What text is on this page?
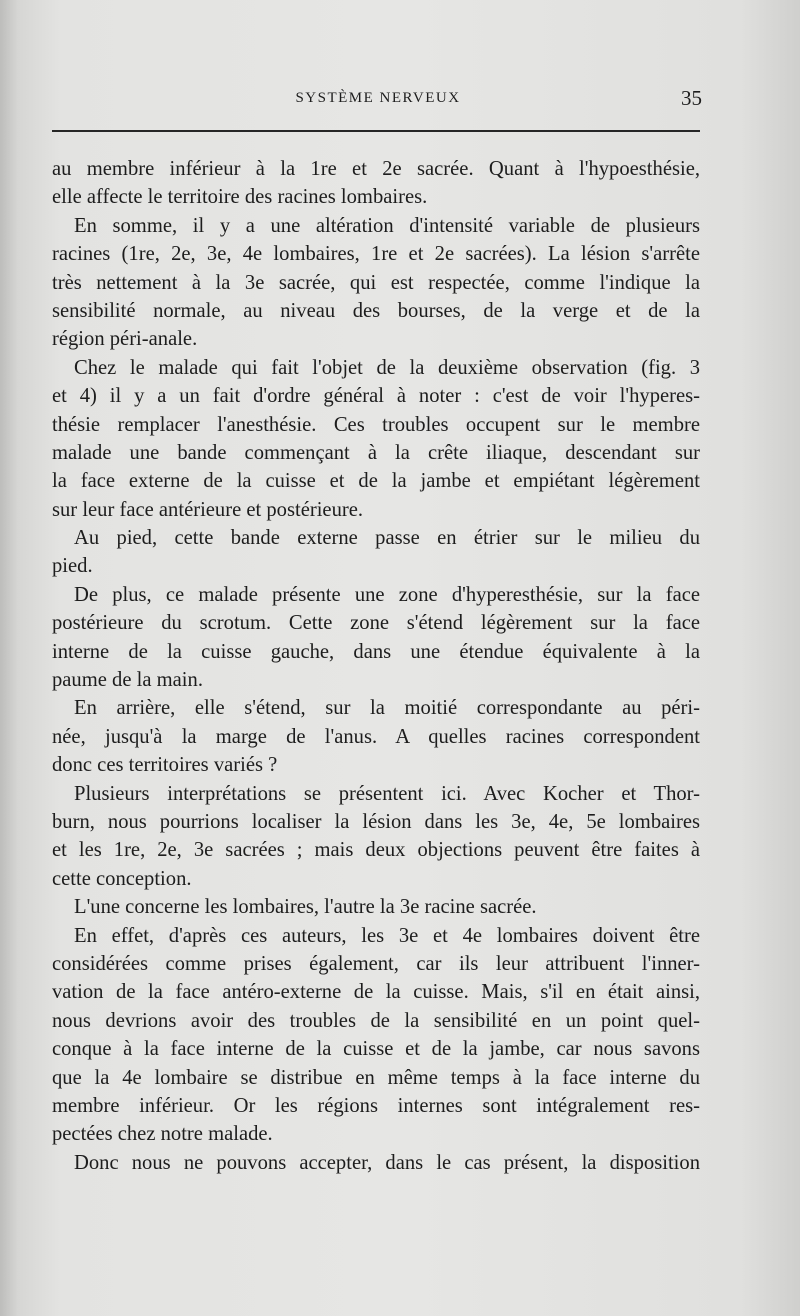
SYSTÈME NERVEUX	35
au membre inférieur à la 1re et 2e sacrée. Quant à l'hypoesthésie,
elle affecte le territoire des racines lombaires.
En somme, il y a une altération d'intensité variable de plusieurs
racines (1re, 2e, 3e, 4e lombaires, 1re et 2e sacrées). La lésion s'arrête
très nettement à la 3e sacrée, qui est respectée, comme l'indique la
sensibilité normale, au niveau des bourses, de la verge et de la
région péri-anale.
Chez le malade qui fait l'objet de la deuxième observation (fig. 3
et 4) il y a un fait d'ordre général à noter : c'est de voir l'hyperes-
thésie remplacer l'anesthésie. Ces troubles occupent sur le membre
malade une bande commençant à la crête iliaque, descendant sur
la face externe de la cuisse et de la jambe et empiétant légèrement
sur leur face antérieure et postérieure.
Au pied, cette bande externe passe en étrier sur le milieu du
pied.
De plus, ce malade présente une zone d'hyperesthésie, sur la face
postérieure du scrotum. Cette zone s'étend légèrement sur la face
interne de la cuisse gauche, dans une étendue équivalente à la
paume de la main.
En arrière, elle s'étend, sur la moitié correspondante au péri-
née, jusqu'à la marge de l'anus. A quelles racines correspondent
donc ces territoires variés ?
Plusieurs interprétations se présentent ici. Avec Kocher et Thor-
burn, nous pourrions localiser la lésion dans les 3e, 4e, 5e lombaires
et les 1re, 2e, 3e sacrées ; mais deux objections peuvent être faites à
cette conception.
L'une concerne les lombaires, l'autre la 3e racine sacrée.
En effet, d'après ces auteurs, les 3e et 4e lombaires doivent être
considérées comme prises également, car ils leur attribuent l'inner-
vation de la face antéro-externe de la cuisse. Mais, s'il en était ainsi,
nous devrions avoir des troubles de la sensibilité en un point quel-
conque à la face interne de la cuisse et de la jambe, car nous savons
que la 4e lombaire se distribue en même temps à la face interne du
membre inférieur. Or les régions internes sont intégralement res-
pectées chez notre malade.
Donc nous ne pouvons accepter, dans le cas présent, la disposition
